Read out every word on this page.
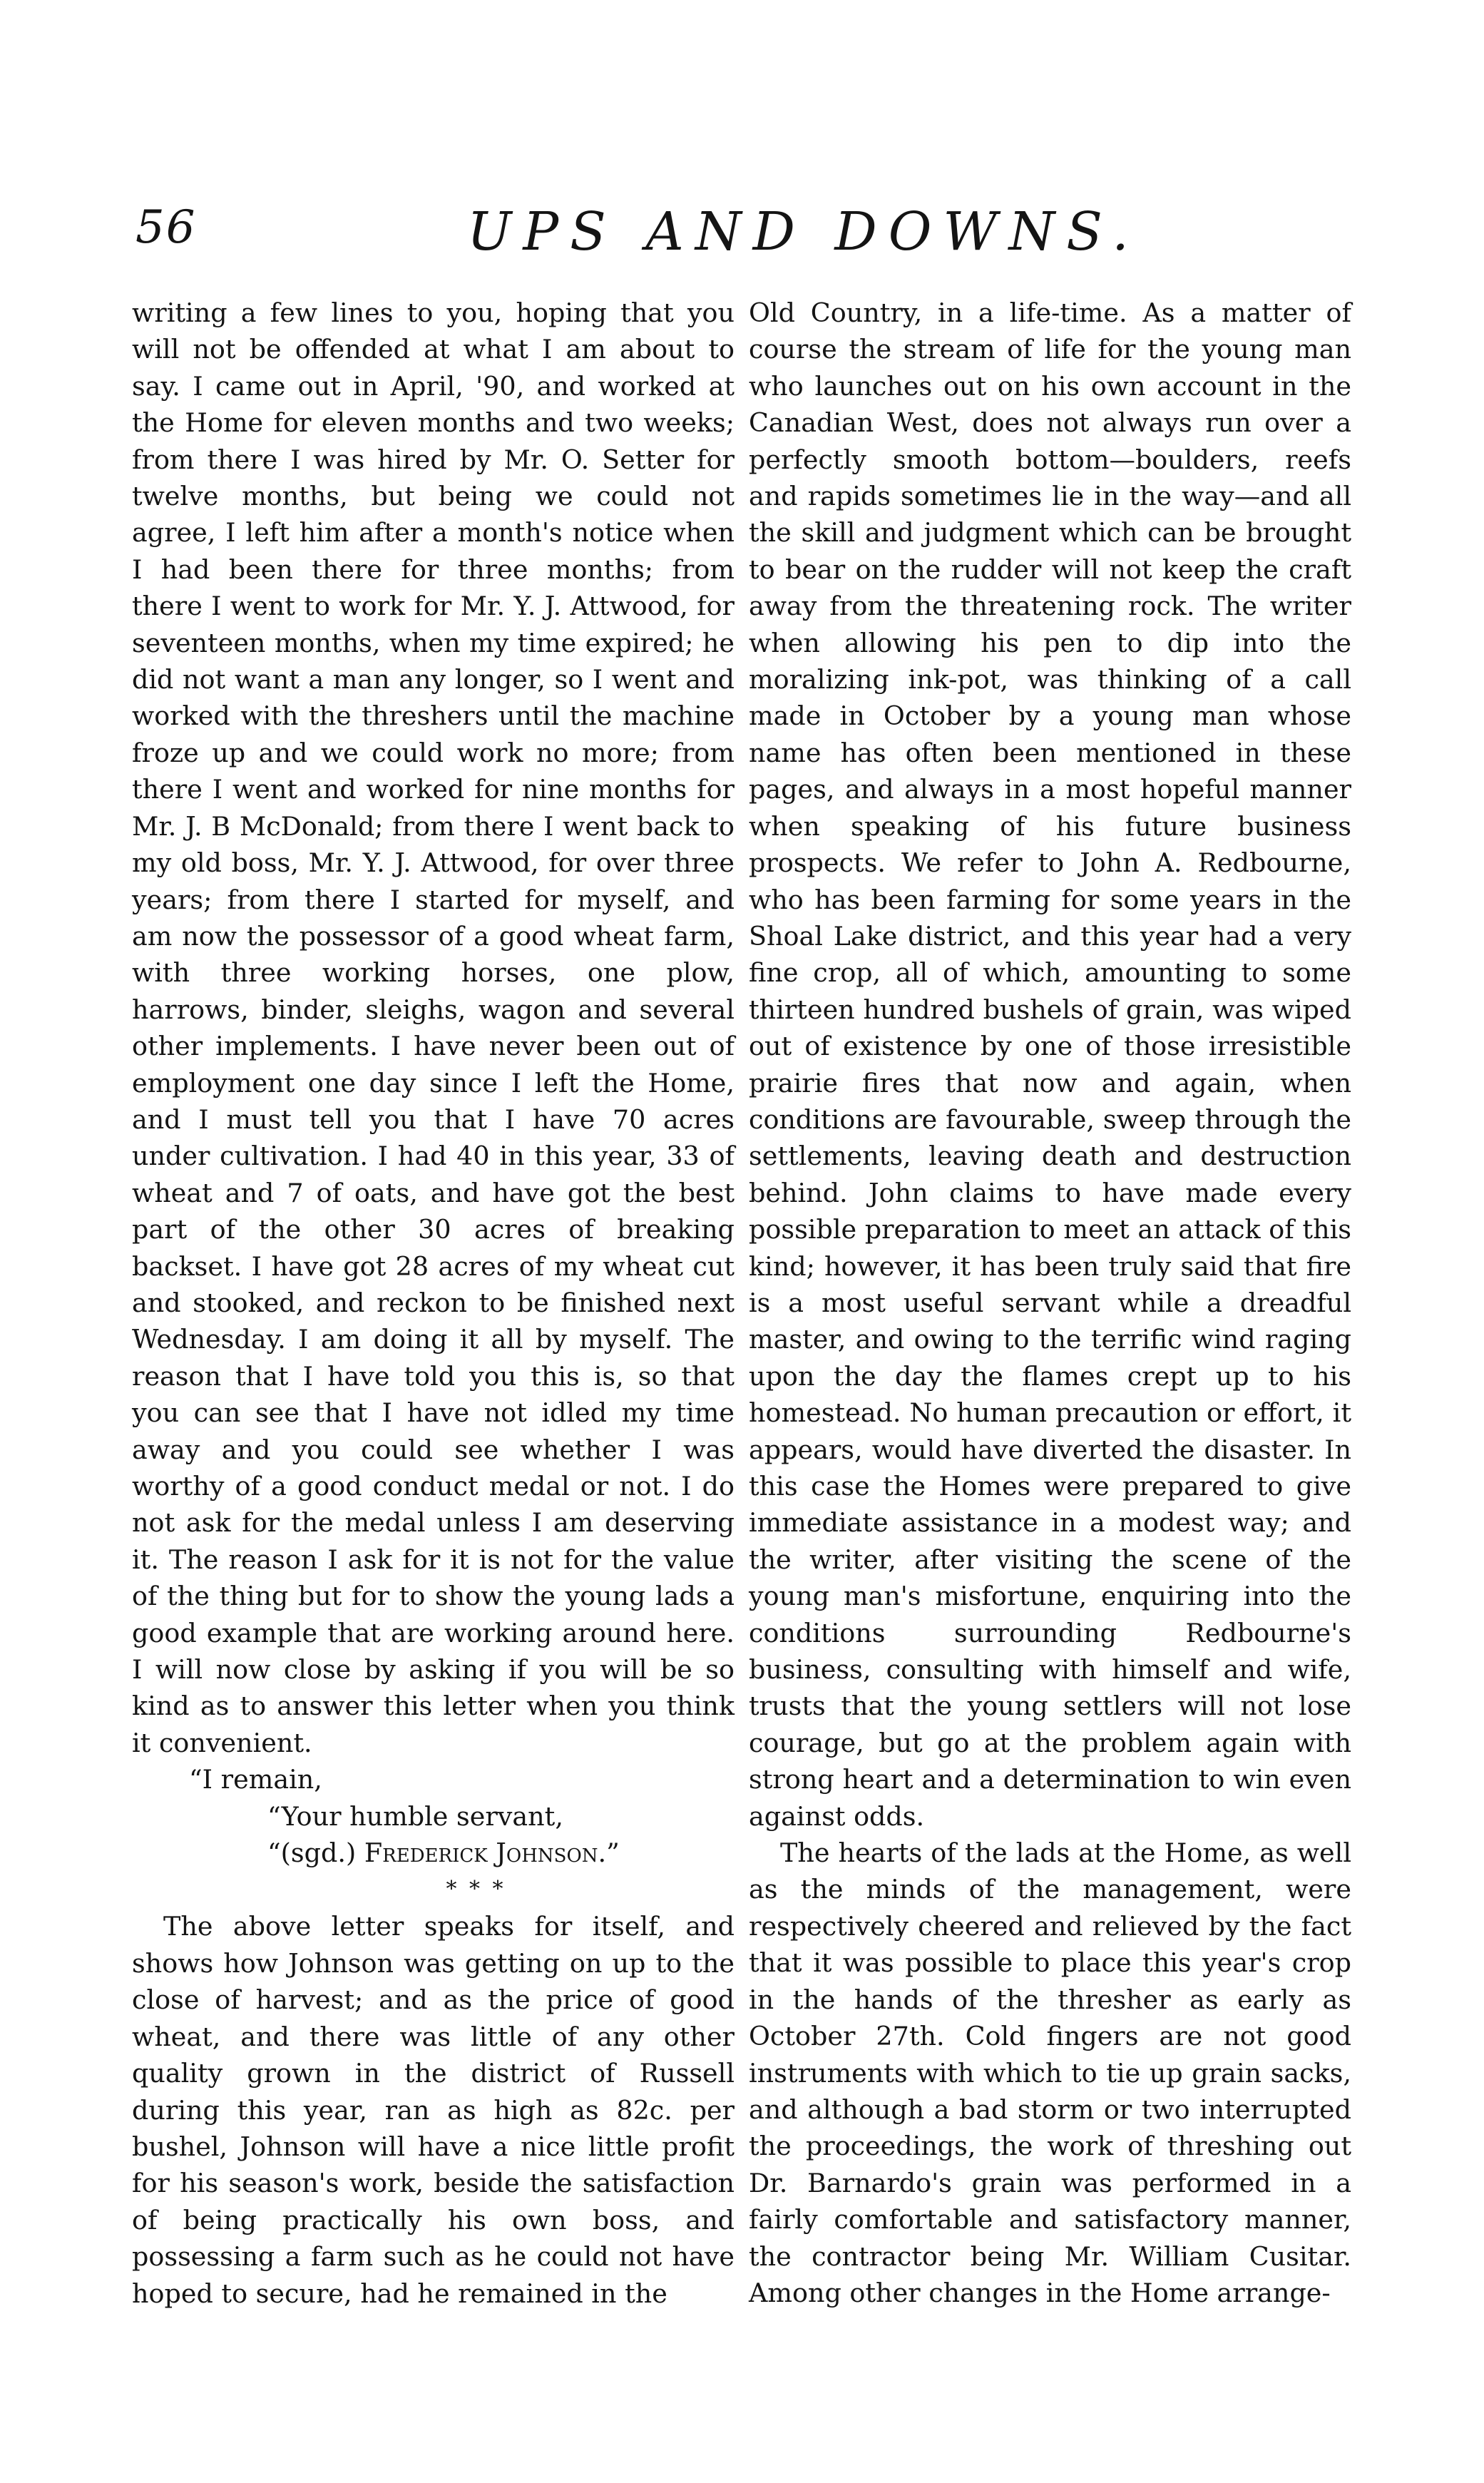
56	UPS AND DOWNS.

writing a few lines to you, hoping that you will not be offended at what I am about to say. I came out in April, '90, and worked at the Home for eleven months and two weeks; from there I was hired by Mr. O. Setter for twelve months, but being we could not agree, I left him after a month's notice when I had been there for three months; from there I went to work for Mr. Y. J. Attwood, for seventeen months, when my time expired; he did not want a man any longer, so I went and worked with the threshers until the machine froze up and we could work no more; from there I went and worked for nine months for Mr. J. B McDonald; from there I went back to my old boss, Mr. Y. J. Attwood, for over three years; from there I started for myself, and am now the possessor of a good wheat farm, with three working horses, one plow, harrows, binder, sleighs, wagon and several other implements. I have never been out of employment one day since I left the Home, and I must tell you that I have 70 acres under cultivation. I had 40 in this year, 33 of wheat and 7 of oats, and have got the best part of the other 30 acres of breaking backset. I have got 28 acres of my wheat cut and stooked, and reckon to be finished next Wednesday. I am doing it all by myself. The reason that I have told you this is, so that you can see that I have not idled my time away and you could see whether I was worthy of a good conduct medal or not. I do not ask for the medal unless I am deserving it. The reason I ask for it is not for the value of the thing but for to show the young lads a good example that are working around here. I will now close by asking if you will be so kind as to answer this letter when you think it convenient.

“I remain,
“Your humble servant,
“(sgd.) Frederick Johnson.”
* * *

The above letter speaks for itself, and shows how Johnson was getting on up to the close of harvest; and as the price of good wheat, and there was little of any other quality grown in the district of Russell during this year, ran as high as 82c. per bushel, Johnson will have a nice little profit for his season's work, beside the satisfaction of being practically his own boss, and possessing a farm such as he could not have hoped to secure, had he remained in the

Old Country, in a life-time. As a matter of course the stream of life for the young man who launches out on his own account in the Canadian West, does not always run over a perfectly smooth bottom—boulders, reefs and rapids sometimes lie in the way—and all the skill and judgment which can be brought to bear on the rudder will not keep the craft away from the threatening rock. The writer when allowing his pen to dip into the moralizing ink-pot, was thinking of a call made in October by a young man whose name has often been mentioned in these pages, and always in a most hopeful manner when speaking of his future business prospects. We refer to John A. Redbourne, who has been farming for some years in the Shoal Lake district, and this year had a very fine crop, all of which, amounting to some thirteen hundred bushels of grain, was wiped out of existence by one of those irresistible prairie fires that now and again, when conditions are favourable, sweep through the settlements, leaving death and destruction behind. John claims to have made every possible preparation to meet an attack of this kind; however, it has been truly said that fire is a most useful servant while a dreadful master, and owing to the terrific wind raging upon the day the flames crept up to his homestead. No human precaution or effort, it appears, would have diverted the disaster. In this case the Homes were prepared to give immediate assistance in a modest way; and the writer, after visiting the scene of the young man's misfortune, enquiring into the conditions surrounding Redbourne's business, consulting with himself and wife, trusts that the young settlers will not lose courage, but go at the problem again with strong heart and a determination to win even against odds.

The hearts of the lads at the Home, as well as the minds of the management, were respectively cheered and relieved by the fact that it was possible to place this year's crop in the hands of the thresher as early as October 27th. Cold fingers are not good instruments with which to tie up grain sacks, and although a bad storm or two interrupted the proceedings, the work of threshing out Dr. Barnardo's grain was performed in a fairly comfortable and satisfactory manner, the contractor being Mr. William Cusitar. Among other changes in the Home arrange-
